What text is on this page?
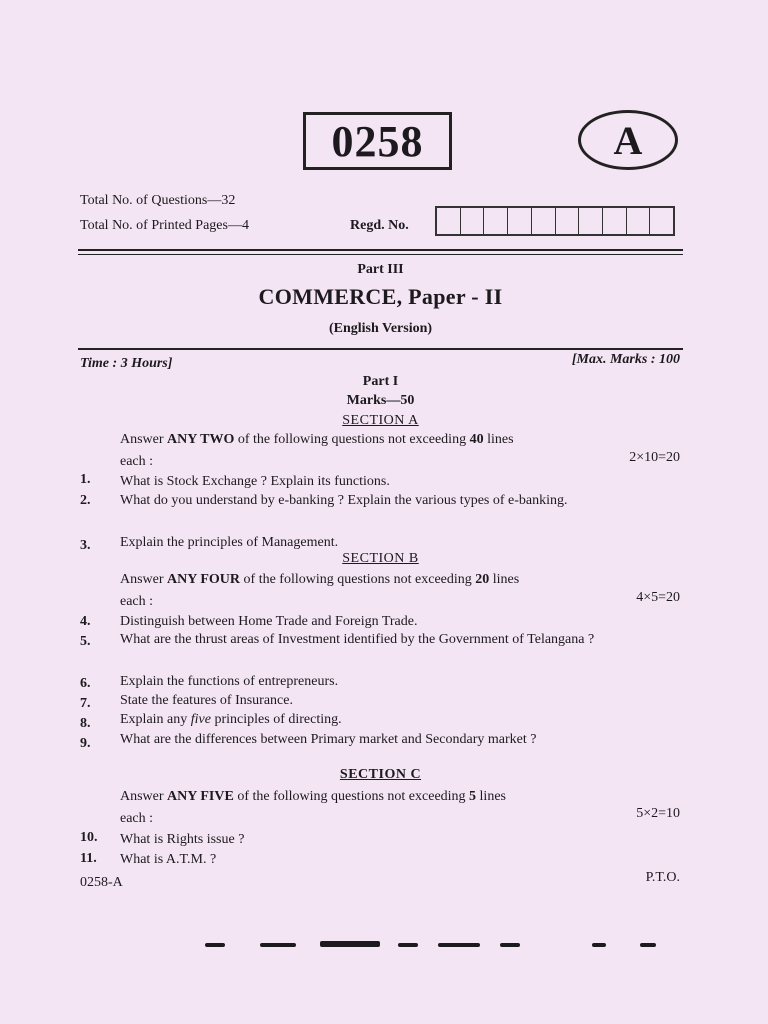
0258	A
Total No. of Questions—32
Total No. of Printed Pages—4	Regd. No.
Part III
COMMERCE, Paper - II
(English Version)
Time : 3 Hours]	[Max. Marks : 100
Part I
Marks—50
SECTION A
Answer ANY TWO of the following questions not exceeding 40 lines
each :	2×10=20
1.	What is Stock Exchange ? Explain its functions.
2.	What do you understand by e-banking ? Explain the various types of e-banking.
3.	Explain the principles of Management.
SECTION B
Answer ANY FOUR of the following questions not exceeding 20 lines
each :	4×5=20
4.	Distinguish between Home Trade and Foreign Trade.
5.	What are the thrust areas of Investment identified by the Government of Telangana ?
6.	Explain the functions of entrepreneurs.
7.	State the features of Insurance.
8.	Explain any five principles of directing.
9.	What are the differences between Primary market and Secondary market ?
SECTION C
Answer ANY FIVE of the following questions not exceeding 5 lines
each :	5×2=10
10.	What is Rights issue ?
11.	What is A.T.M. ?
0258-A	P.T.O.
